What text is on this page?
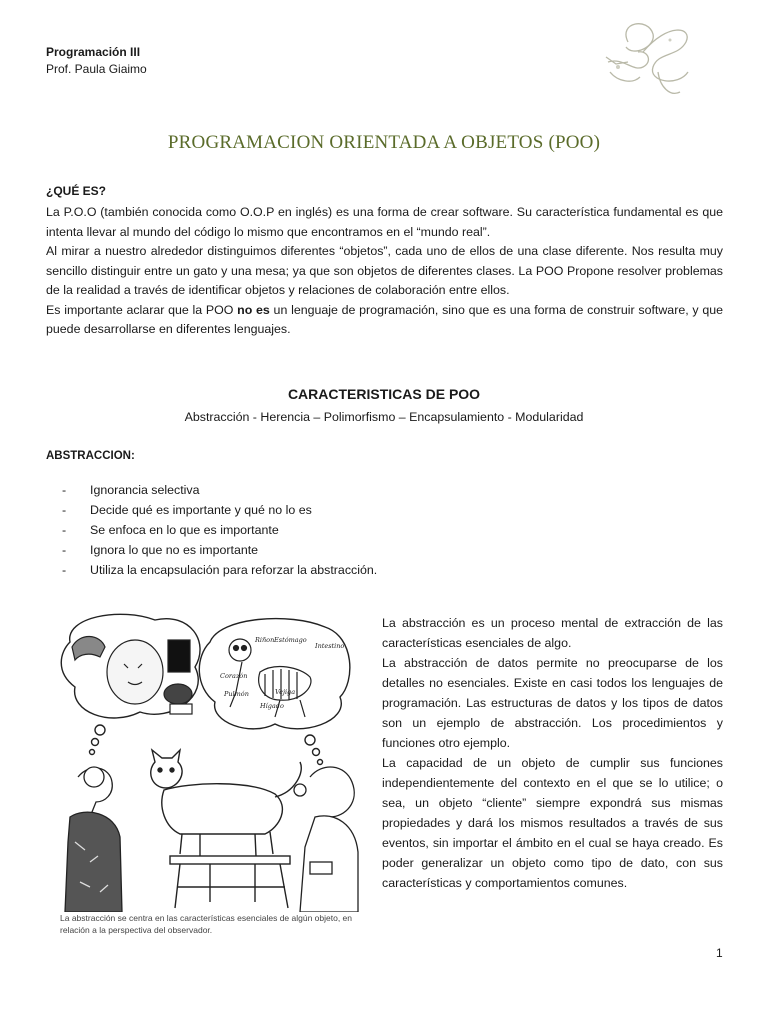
Programación III
Prof. Paula Giaimo
PROGRAMACION ORIENTADA A OBJETOS (POO)
¿QUÉ ES?

La P.O.O (también conocida como O.O.P en inglés) es una forma de crear software. Su característica fundamental es que intenta llevar al mundo del código lo mismo que encontramos en el “mundo real”.

Al mirar a nuestro alrededor distinguimos diferentes “objetos”, cada uno de ellos de una clase diferente. Nos resulta muy sencillo distinguir entre un gato y una mesa; ya que son objetos de diferentes clases. La POO Propone resolver problemas de la realidad a través de identificar objetos y relaciones de colaboración entre ellos.

Es importante aclarar que la POO no es un lenguaje de programación, sino que es una forma de construir software, y que puede desarrollarse en diferentes lenguajes.

CARACTERISTICAS DE POO
Abstracción - Herencia – Polimorfismo – Encapsulamiento - Modularidad
ABSTRACCION:
- Ignorancia selectiva
- Decide qué es importante y qué no lo es
- Se enfoca en lo que es importante
- Ignora lo que no es importante
- Utiliza la encapsulación para reforzar la abstracción.
Riñon Estómago
Intestino
Corazón
Pulmón	Vejiga
Hígado
La abstracción se centra en las características esenciales de algún objeto, en relación a la perspectiva del observador.

La abstracción es un proceso mental de extracción de las características esenciales de algo.

La abstracción de datos permite no preocuparse de los detalles no esenciales. Existe en casi todos los lenguajes de programación. Las estructuras de datos y los tipos de datos son un ejemplo de abstracción. Los procedimientos y funciones otro ejemplo.

La capacidad de un objeto de cumplir sus funciones independientemente del contexto en el que se lo utilice; o sea, un objeto “cliente” siempre expondrá sus mismas propiedades y dará los mismos resultados a través de sus eventos, sin importar el ámbito en el cual se haya creado. Es poder generalizar un objeto como tipo de dato, con sus características y comportamientos comunes.

1
